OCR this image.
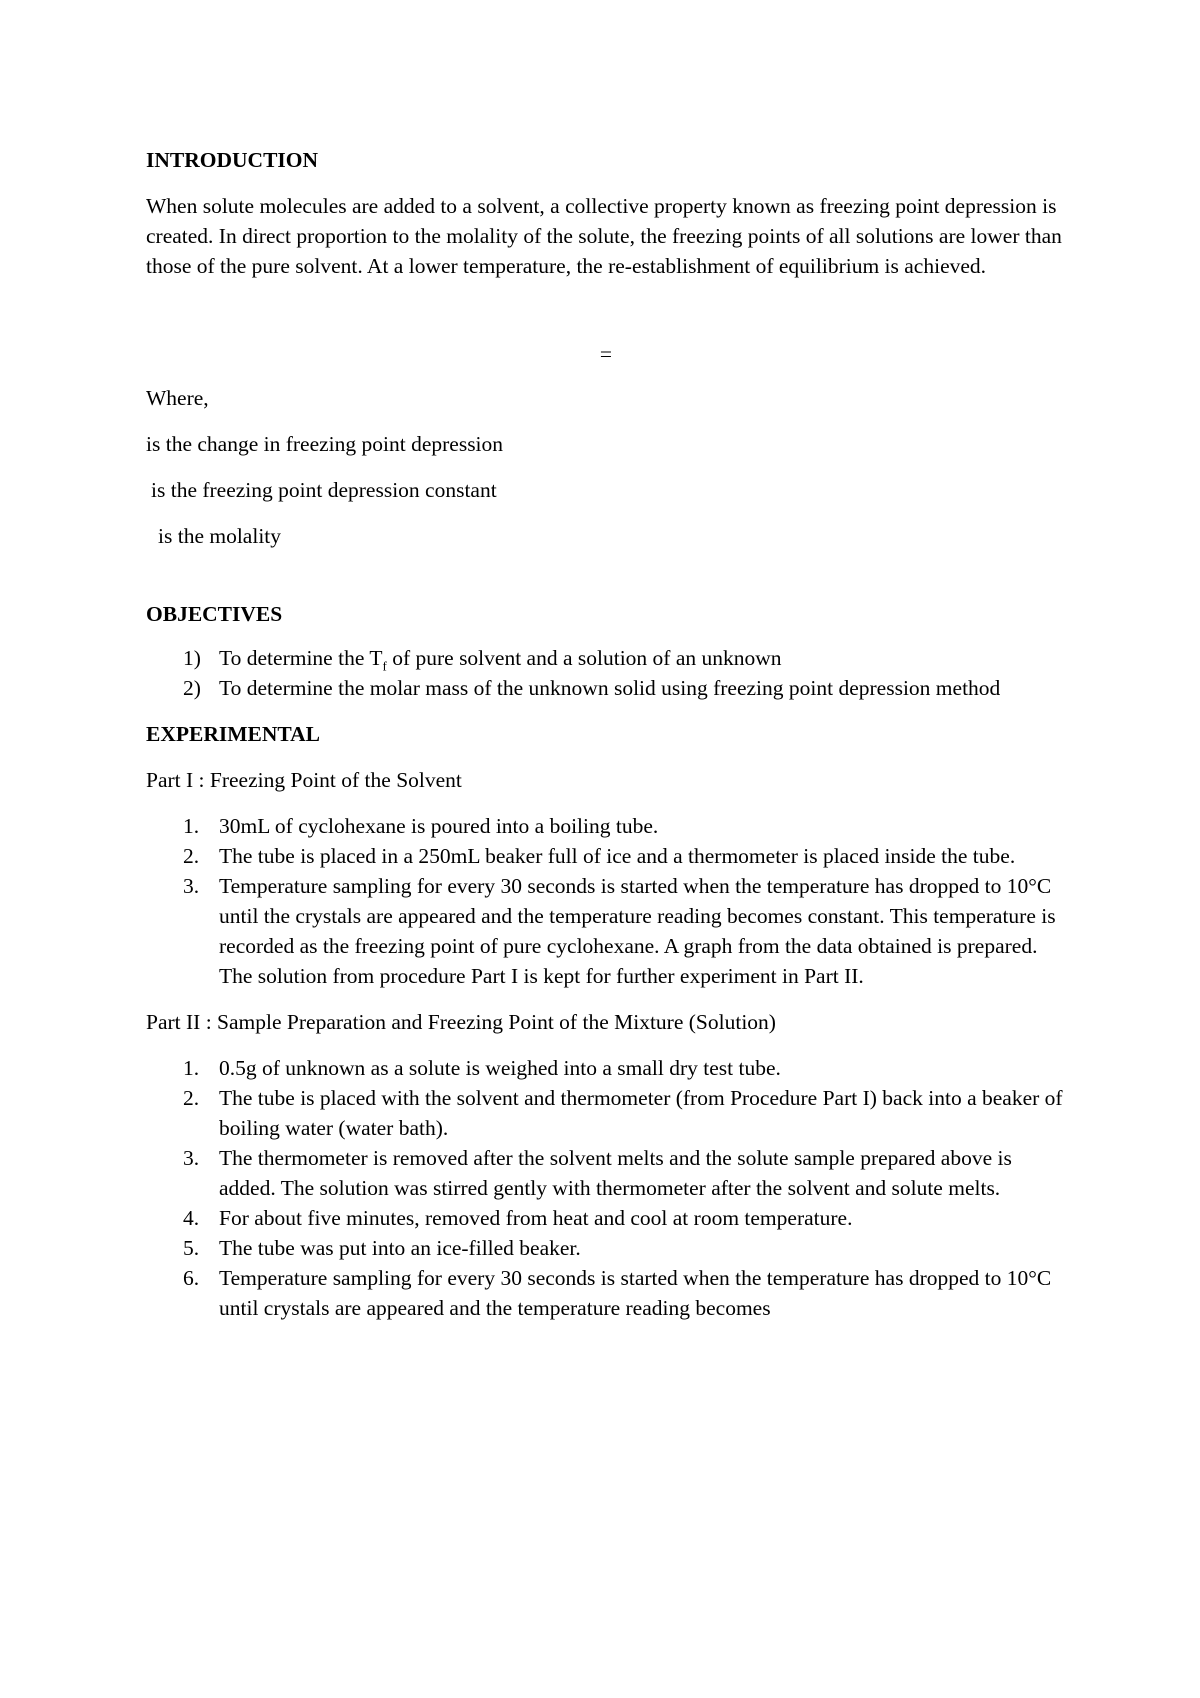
INTRODUCTION

When solute molecules are added to a solvent, a collective property known as freezing point depression is created. In direct proportion to the molality of the solute, the freezing points of all solutions are lower than those of the pure solvent. At a lower temperature, the re-establishment of equilibrium is achieved.

=

Where,

is the change in freezing point depression

is the freezing point depression constant

is the molality

OBJECTIVES

1) To determine the $T_f$ of pure solvent and a solution of an unknown
2) To determine the molar mass of the unknown solid using freezing point depression method

EXPERIMENTAL

Part I : Freezing Point of the Solvent

1. 30mL of cyclohexane is poured into a boiling tube.
2. The tube is placed in a 250mL beaker full of ice and a thermometer is placed inside the tube.
3. Temperature sampling for every 30 seconds is started when the temperature has dropped to 10°C until the crystals are appeared and the temperature reading becomes constant. This temperature is recorded as the freezing point of pure cyclohexane. A graph from the data obtained is prepared. The solution from procedure Part I is kept for further experiment in Part II.

Part II : Sample Preparation and Freezing Point of the Mixture (Solution)

1. 0.5g of unknown as a solute is weighed into a small dry test tube.
2. The tube is placed with the solvent and thermometer (from Procedure Part I) back into a beaker of boiling water (water bath).
3. The thermometer is removed after the solvent melts and the solute sample prepared above is added. The solution was stirred gently with thermometer after the solvent and solute melts.
4. For about five minutes, removed from heat and cool at room temperature.
5. The tube was put into an ice-filled beaker.
6. Temperature sampling for every 30 seconds is started when the temperature has dropped to 10°C until crystals are appeared and the temperature reading becomes
